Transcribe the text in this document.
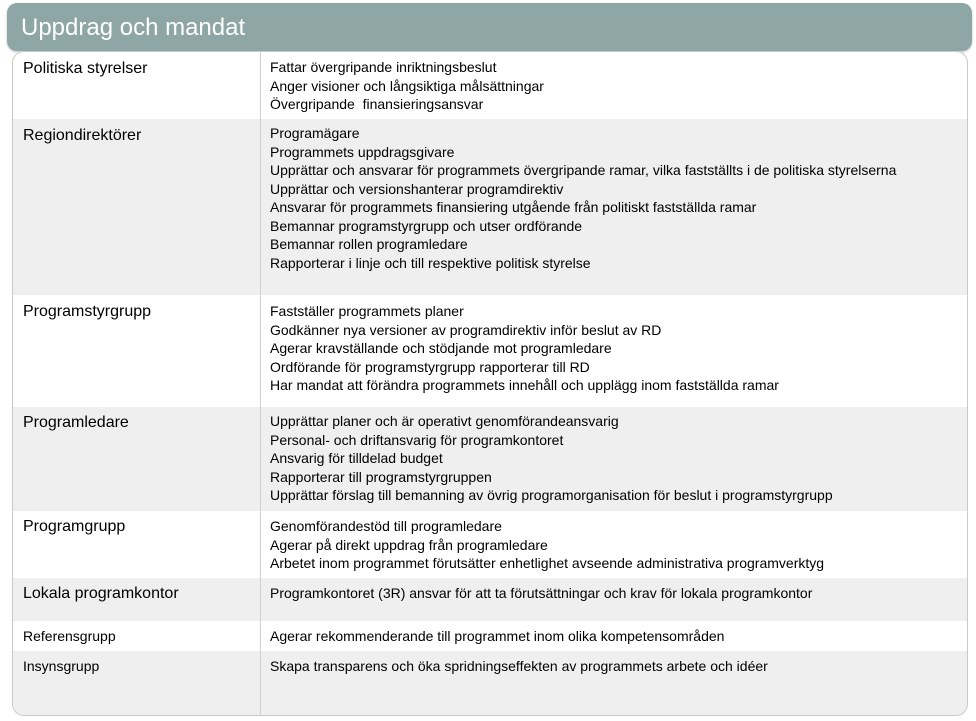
Uppdrag och mandat
Politiska styrelser	Fattar övergripande inriktningsbeslut
Anger visioner och långsiktiga målsättningar
Övergripande  finansieringsansvar
Regiondirektörer	Programägare
Programmets uppdragsgivare
Upprättar och ansvarar för programmets övergripande ramar, vilka fastställts i de politiska styrelserna
Upprättar och versionshanterar programdirektiv
Ansvarar för programmets finansiering utgående från politiskt fastställda ramar
Bemannar programstyrgrupp och utser ordförande
Bemannar rollen programledare
Rapporterar i linje och till respektive politisk styrelse
Programstyrgrupp	Fastställer programmets planer
Godkänner nya versioner av programdirektiv inför beslut av RD
Agerar kravställande och stödjande mot programledare
Ordförande för programstyrgrupp rapporterar till RD
Har mandat att förändra programmets innehåll och upplägg inom fastställda ramar
Programledare	Upprättar planer och är operativt genomförandeansvarig
Personal- och driftansvarig för programkontoret
Ansvarig för tilldelad budget
Rapporterar till programstyrgruppen
Upprättar förslag till bemanning av övrig programorganisation för beslut i programstyrgrupp
Programgrupp	Genomförandestöd till programledare
Agerar på direkt uppdrag från programledare
Arbetet inom programmet förutsätter enhetlighet avseende administrativa programverktyg
Lokala programkontor	Programkontoret (3R) ansvar för att ta förutsättningar och krav för lokala programkontor
Referensgrupp	Agerar rekommenderande till programmet inom olika kompetensområden
Insynsgrupp	Skapa transparens och öka spridningseffekten av programmets arbete och idéer
